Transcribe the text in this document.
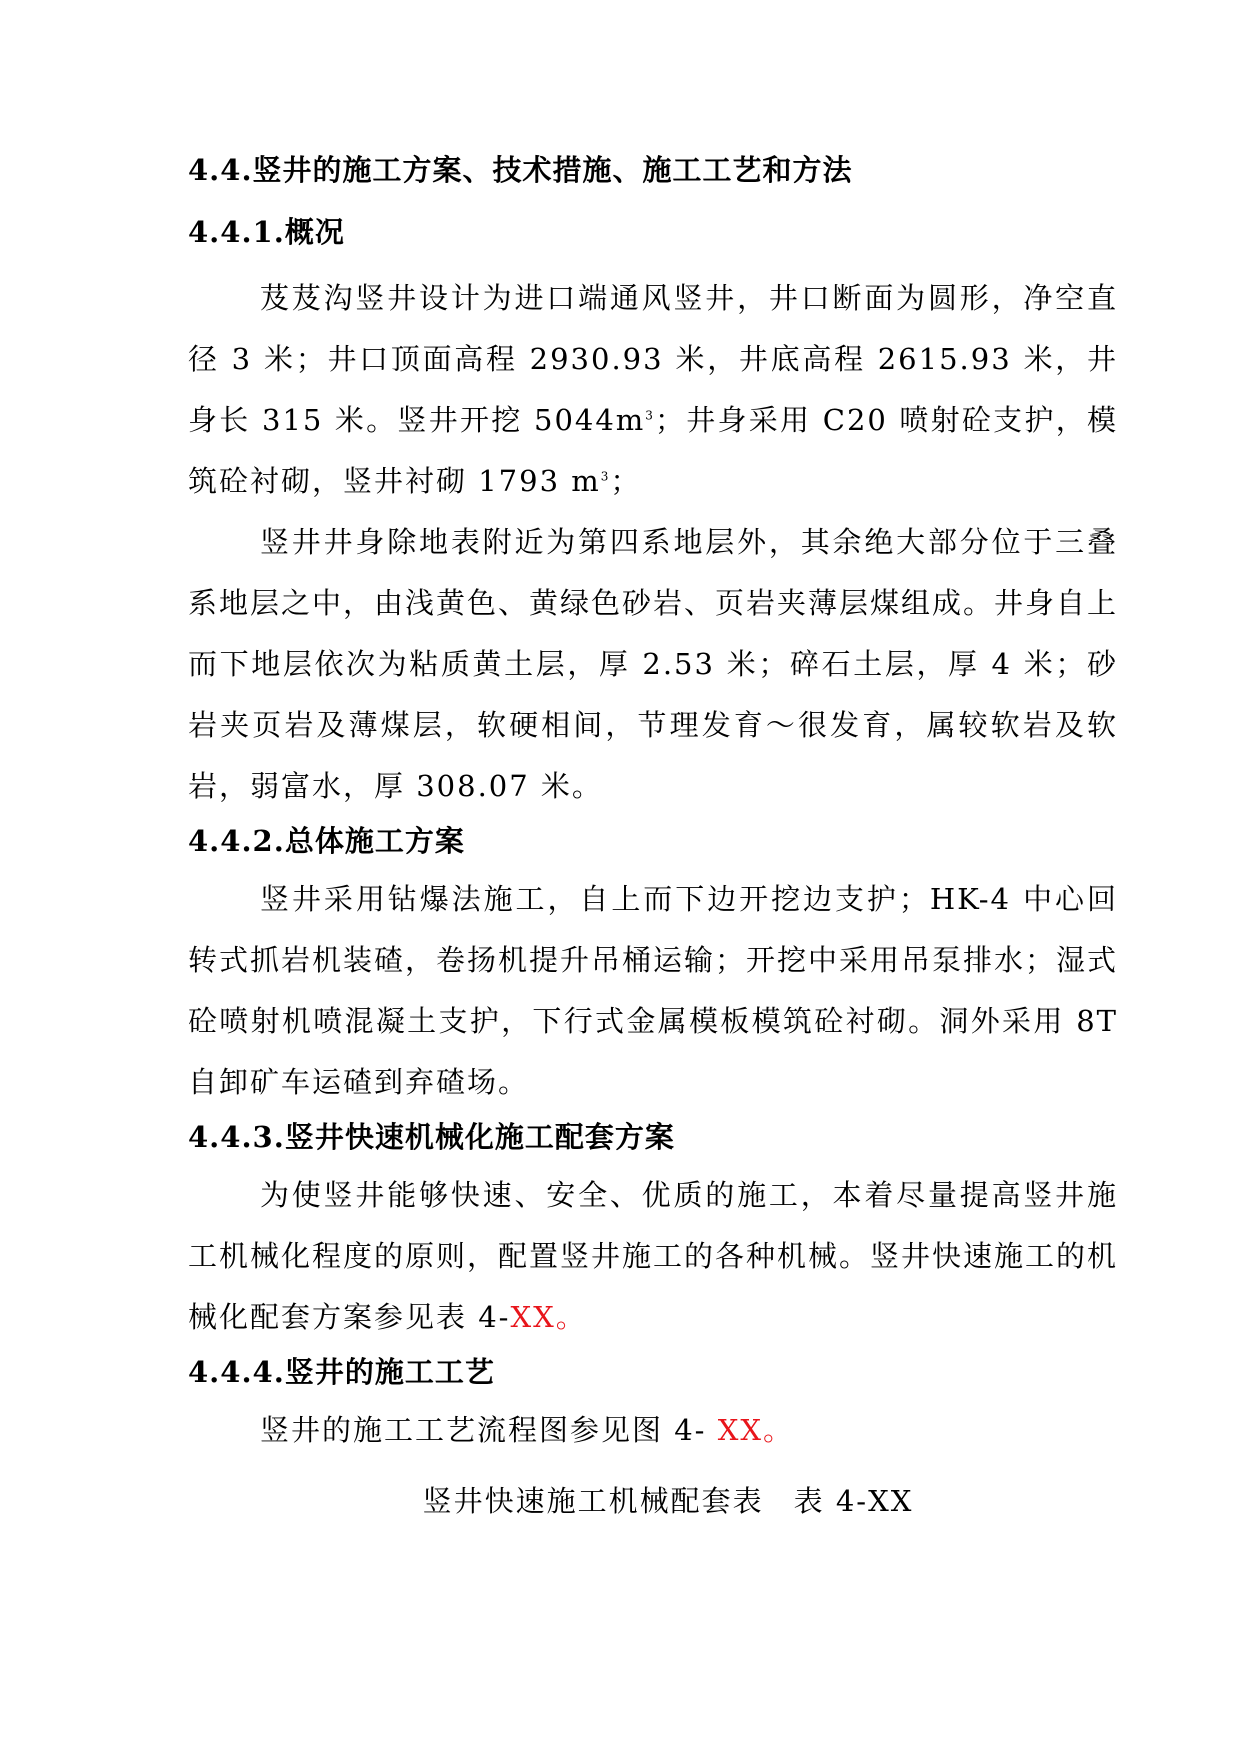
4.4.竖井的施工方案、技术措施、施工工艺和方法
4.4.1.概况

芨芨沟竖井设计为进口端通风竖井，井口断面为圆形，净空直径 3 米；井口顶面高程 2930.93 米，井底高程 2615.93 米，井身长 315 米。竖井开挖 $5044m^3$；井身采用 C20 喷射砼支护，模筑砼衬砌，竖井衬砌 1793 $m^3$；

竖井井身除地表附近为第四系地层外，其余绝大部分位于三叠系地层之中，由浅黄色、黄绿色砂岩、页岩夹薄层煤组成。井身自上而下地层依次为粘质黄土层，厚 2.53 米；碎石土层，厚 4 米；砂岩夹页岩及薄煤层，软硬相间，节理发育～很发育，属较软岩及软岩，弱富水，厚 308.07 米。

4.4.2.总体施工方案

竖井采用钻爆法施工，自上而下边开挖边支护；HK-4 中心回转式抓岩机装碴，卷扬机提升吊桶运输；开挖中采用吊泵排水；湿式砼喷射机喷混凝土支护，下行式金属模板模筑砼衬砌。洞外采用 8T 自卸矿车运碴到弃碴场。

4.4.3.竖井快速机械化施工配套方案

为使竖井能够快速、安全、优质的施工，本着尽量提高竖井施工机械化程度的原则，配置竖井施工的各种机械。竖井快速施工的机械化配套方案参见表 4-XX。

4.4.4.竖井的施工工艺

竖井的施工工艺流程图参见图 4- XX。

竖井快速施工机械配套表 表 4-XX
